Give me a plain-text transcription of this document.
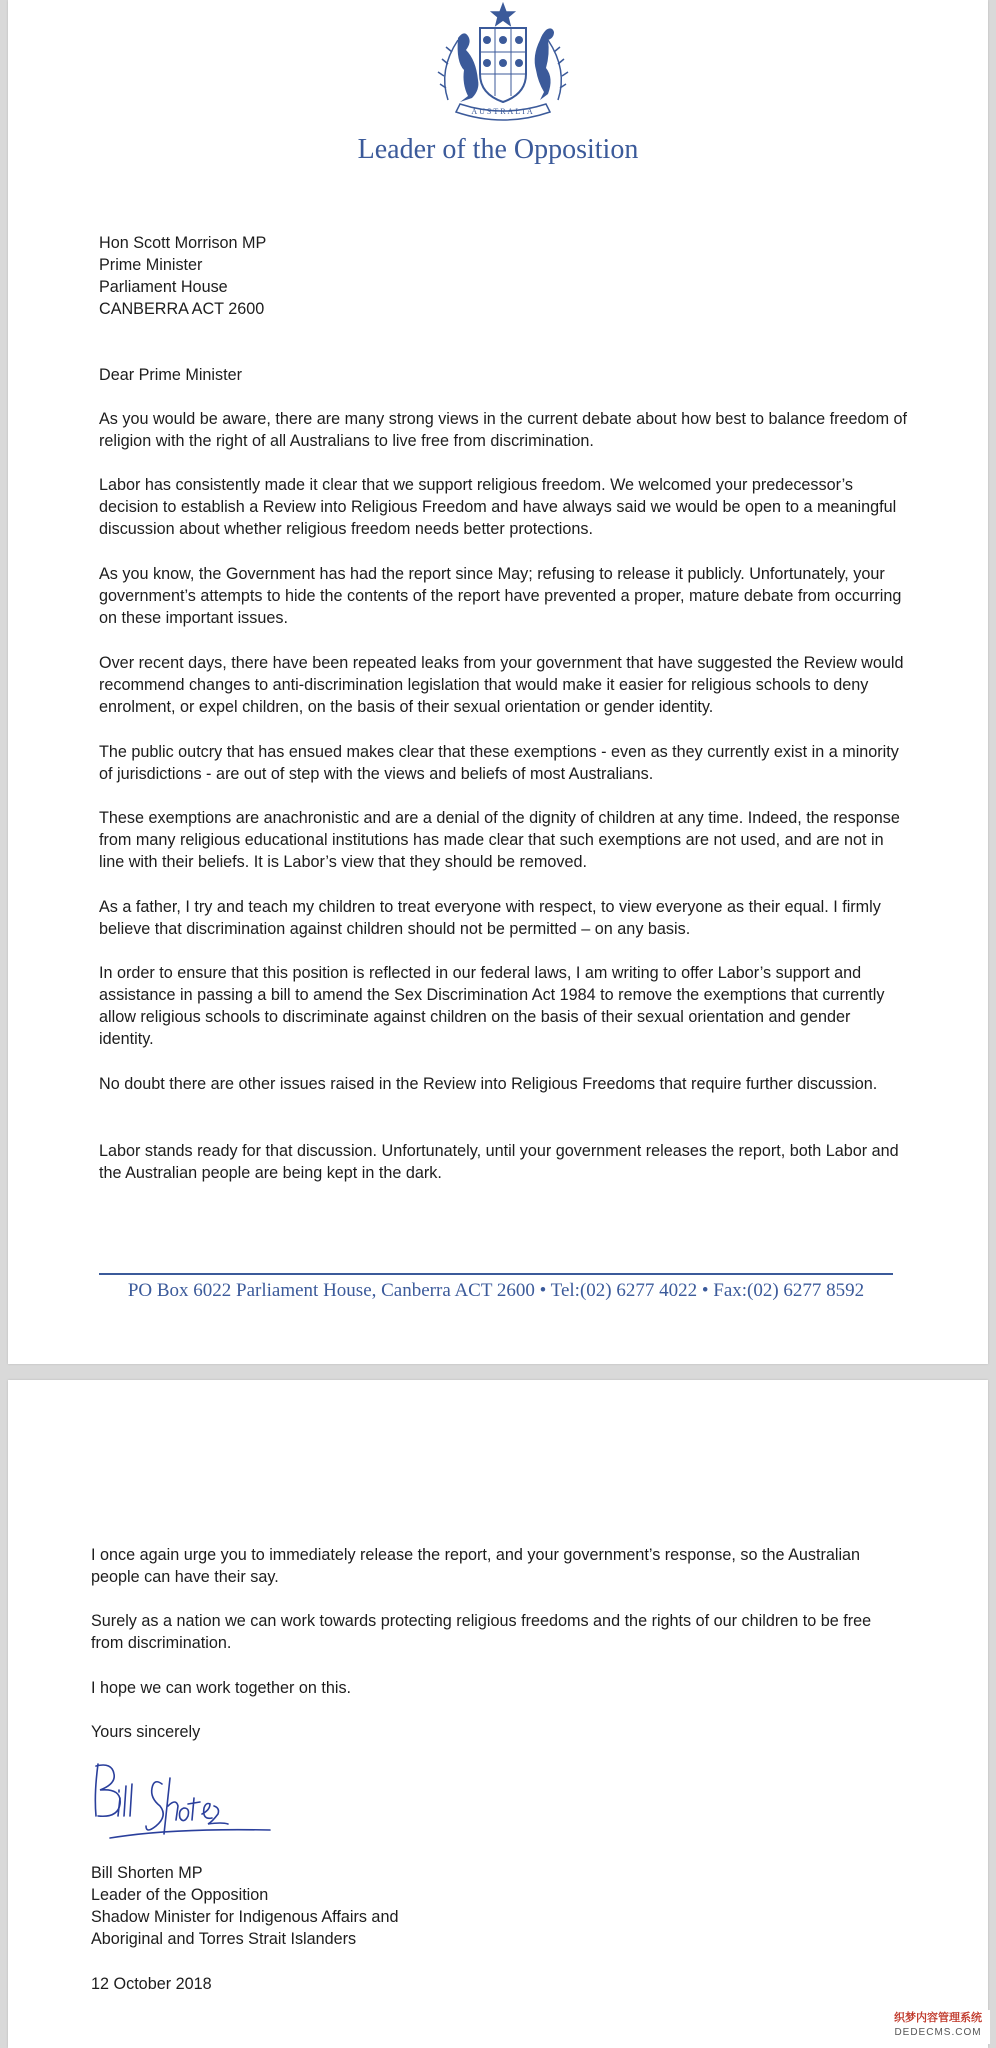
AUSTRALIA
Leader of the Opposition
Hon Scott Morrison MP
Prime Minister
Parliament House
CANBERRA ACT 2600

Dear Prime Minister

As you would be aware, there are many strong views in the current debate about how best to balance freedom of religion with the right of all Australians to live free from discrimination.

Labor has consistently made it clear that we support religious freedom. We welcomed your predecessor’s decision to establish a Review into Religious Freedom and have always said we would be open to a meaningful discussion about whether religious freedom needs better protections.

As you know, the Government has had the report since May; refusing to release it publicly. Unfortunately, your government’s attempts to hide the contents of the report have prevented a proper, mature debate from occurring on these important issues.

Over recent days, there have been repeated leaks from your government that have suggested the Review would recommend changes to anti-discrimination legislation that would make it easier for religious schools to deny enrolment, or expel children, on the basis of their sexual orientation or gender identity.

The public outcry that has ensued makes clear that these exemptions - even as they currently exist in a minority of jurisdictions - are out of step with the views and beliefs of most Australians.

These exemptions are anachronistic and are a denial of the dignity of children at any time. Indeed, the response from many religious educational institutions has made clear that such exemptions are not used, and are not in line with their beliefs. It is Labor’s view that they should be removed.

As a father, I try and teach my children to treat everyone with respect, to view everyone as their equal. I firmly believe that discrimination against children should not be permitted – on any basis.

In order to ensure that this position is reflected in our federal laws, I am writing to offer Labor’s support and assistance in passing a bill to amend the Sex Discrimination Act 1984 to remove the exemptions that currently allow religious schools to discriminate against children on the basis of their sexual orientation and gender identity.

No doubt there are other issues raised in the Review into Religious Freedoms that require further discussion.

Labor stands ready for that discussion. Unfortunately, until your government releases the report, both Labor and the Australian people are being kept in the dark.

PO Box 6022 Parliament House, Canberra ACT 2600 • Tel:(02) 6277 4022 • Fax:(02) 6277 8592

I once again urge you to immediately release the report, and your government’s response, so the Australian people can have their say.

Surely as a nation we can work towards protecting religious freedoms and the rights of our children to be free from discrimination.

I hope we can work together on this.

Yours sincerely

Bill Shorten MP
Leader of the Opposition
Shadow Minister for Indigenous Affairs and
Aboriginal and Torres Strait Islanders

12 October 2018

织梦内容管理系统
DEDECMS.COM
